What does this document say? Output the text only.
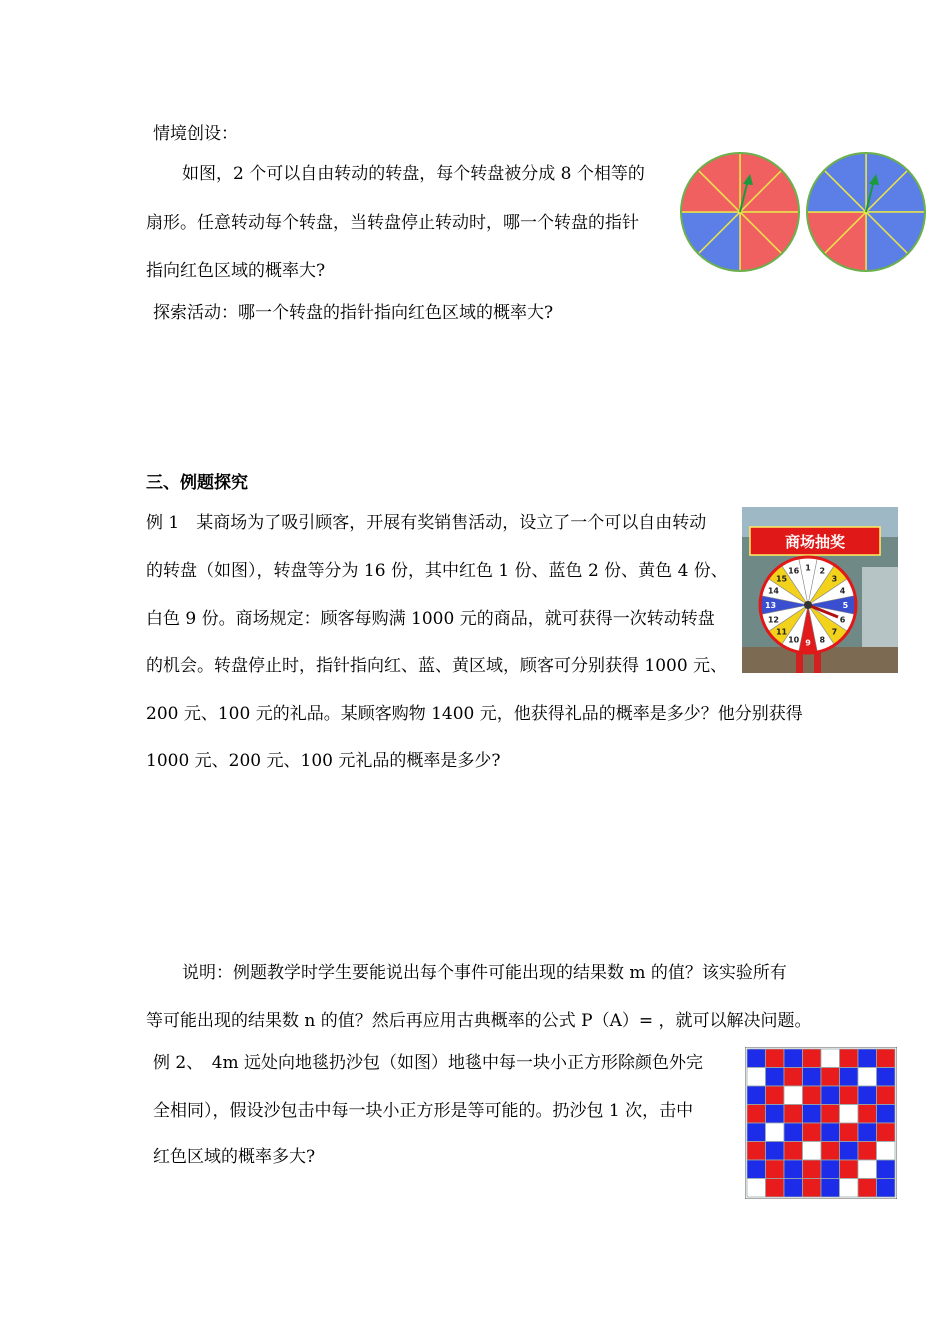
情境创设：
如图，2 个可以自由转动的转盘，每个转盘被分成 8 个相等的
扇形。任意转动每个转盘，当转盘停止转动时，哪一个转盘的指针
指向红色区域的概率大?
探索活动：哪一个转盘的指针指向红色区域的概率大?
三、例题探究
例 1　某商场为了吸引顾客，开展有奖销售活动，设立了一个可以自由转动
的转盘（如图），转盘等分为 16 份，其中红色 1 份、蓝色 2 份、黄色 4 份、
白色 9 份。商场规定：顾客每购满 1000 元的商品，就可获得一次转动转盘
的机会。转盘停止时，指针指向红、蓝、黄区域，顾客可分别获得 1000 元、
200 元、100 元的礼品。某顾客购物 1400 元，他获得礼品的概率是多少？他分别获得
1000 元、200 元、100 元礼品的概率是多少?
商场抽奖
1 2
3
4
5
6
7
8
9
10
11
12
13
14
15
16
说明：例题教学时学生要能说出每个事件可能出现的结果数 m 的值？该实验所有
等可能出现的结果数 n 的值？然后再应用古典概率的公式 P（A）= ，就可以解决问题。
例 2、　4m 远处向地毯扔沙包（如图）地毯中每一块小正方形除颜色外完
全相同），假设沙包击中每一块小正方形是等可能的。扔沙包 1 次，击中
红色区域的概率多大?
